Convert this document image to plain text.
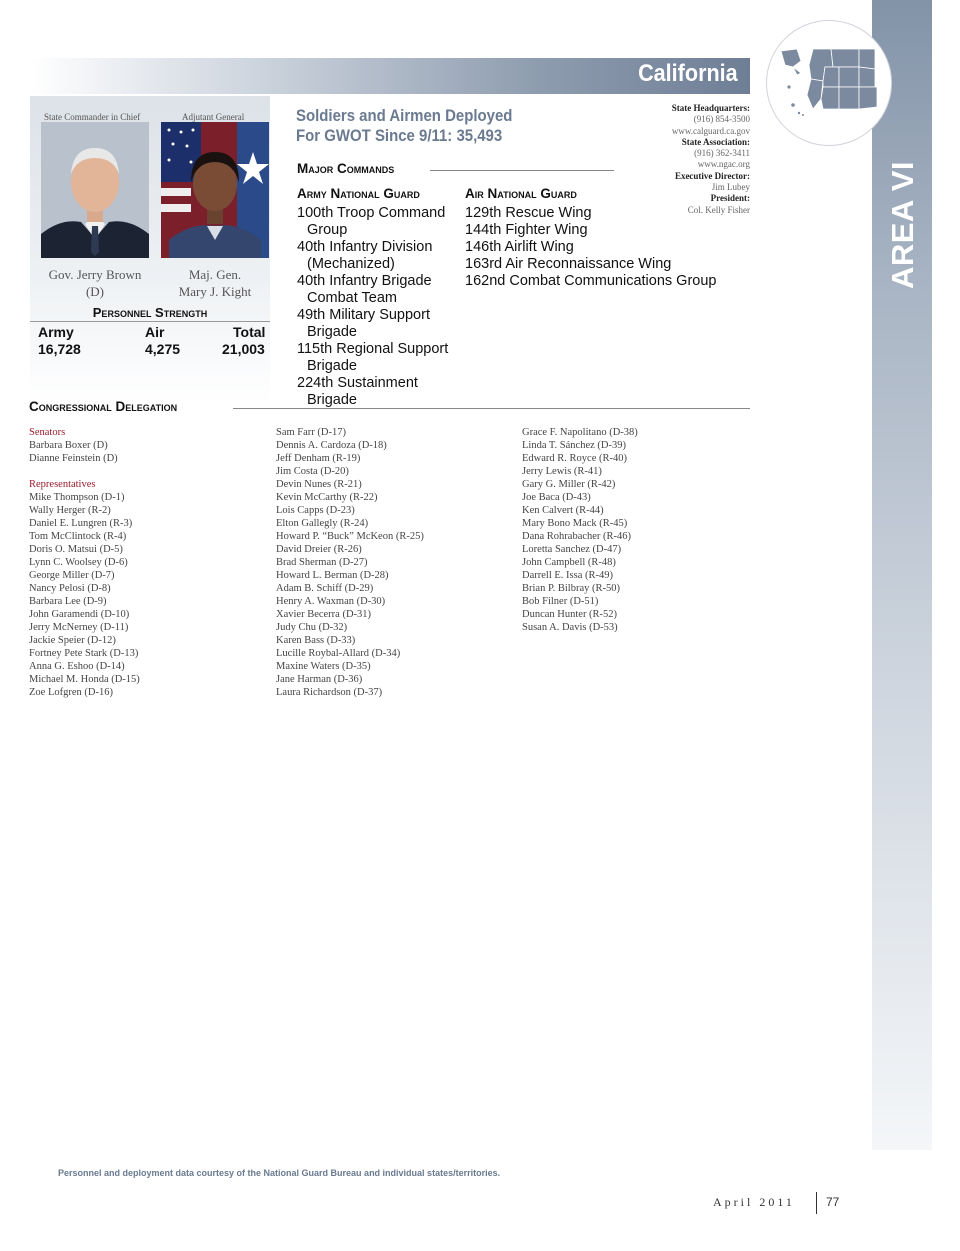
AREA VI
California
State Commander in Chief	Adjutant General
Gov. Jerry Brown
(D)
Maj. Gen.
Mary J. Kight
Personnel Strength
Army	Air	Total
16,728	4,275	21,003
Soldiers and Airmen Deployed
For GWOT Since 9/11: 35,493
Major Commands
Army National Guard	Air National Guard
100th Troop Command Group
40th Infantry Division (Mechanized)
40th Infantry Brigade Combat Team
49th Military Support Brigade
115th Regional Support Brigade
224th Sustainment Brigade
129th Rescue Wing
144th Fighter Wing
146th Airlift Wing
163rd Air Reconnaissance Wing
162nd Combat Communications Group
State Headquarters:
(916) 854-3500
www.calguard.ca.gov
State Association:
(916) 362-3411
www.ngac.org
Executive Director:
Jim Lubey
President:
Col. Kelly Fisher
Congressional Delegation
Senators
Barbara Boxer (D)
Dianne Feinstein (D)
Representatives
Mike Thompson (D-1)
Wally Herger (R-2)
Daniel E. Lungren (R-3)
Tom McClintock (R-4)
Doris O. Matsui (D-5)
Lynn C. Woolsey (D-6)
George Miller (D-7)
Nancy Pelosi (D-8)
Barbara Lee (D-9)
John Garamendi (D-10)
Jerry McNerney (D-11)
Jackie Speier (D-12)
Fortney Pete Stark (D-13)
Anna G. Eshoo (D-14)
Michael M. Honda (D-15)
Zoe Lofgren (D-16)
Sam Farr (D-17)
Dennis A. Cardoza (D-18)
Jeff Denham (R-19)
Jim Costa (D-20)
Devin Nunes (R-21)
Kevin McCarthy (R-22)
Lois Capps (D-23)
Elton Gallegly (R-24)
Howard P. “Buck” McKeon (R-25)
David Dreier (R-26)
Brad Sherman (D-27)
Howard L. Berman (D-28)
Adam B. Schiff (D-29)
Henry A. Waxman (D-30)
Xavier Becerra (D-31)
Judy Chu (D-32)
Karen Bass (D-33)
Lucille Roybal-Allard (D-34)
Maxine Waters (D-35)
Jane Harman (D-36)
Laura Richardson (D-37)
Grace F. Napolitano (D-38)
Linda T. Sánchez (D-39)
Edward R. Royce (R-40)
Jerry Lewis (R-41)
Gary G. Miller (R-42)
Joe Baca (D-43)
Ken Calvert (R-44)
Mary Bono Mack (R-45)
Dana Rohrabacher (R-46)
Loretta Sanchez (D-47)
John Campbell (R-48)
Darrell E. Issa (R-49)
Brian P. Bilbray (R-50)
Bob Filner (D-51)
Duncan Hunter (R-52)
Susan A. Davis (D-53)
Personnel and deployment data courtesy of the National Guard Bureau and individual states/territories.
April 2011	77
